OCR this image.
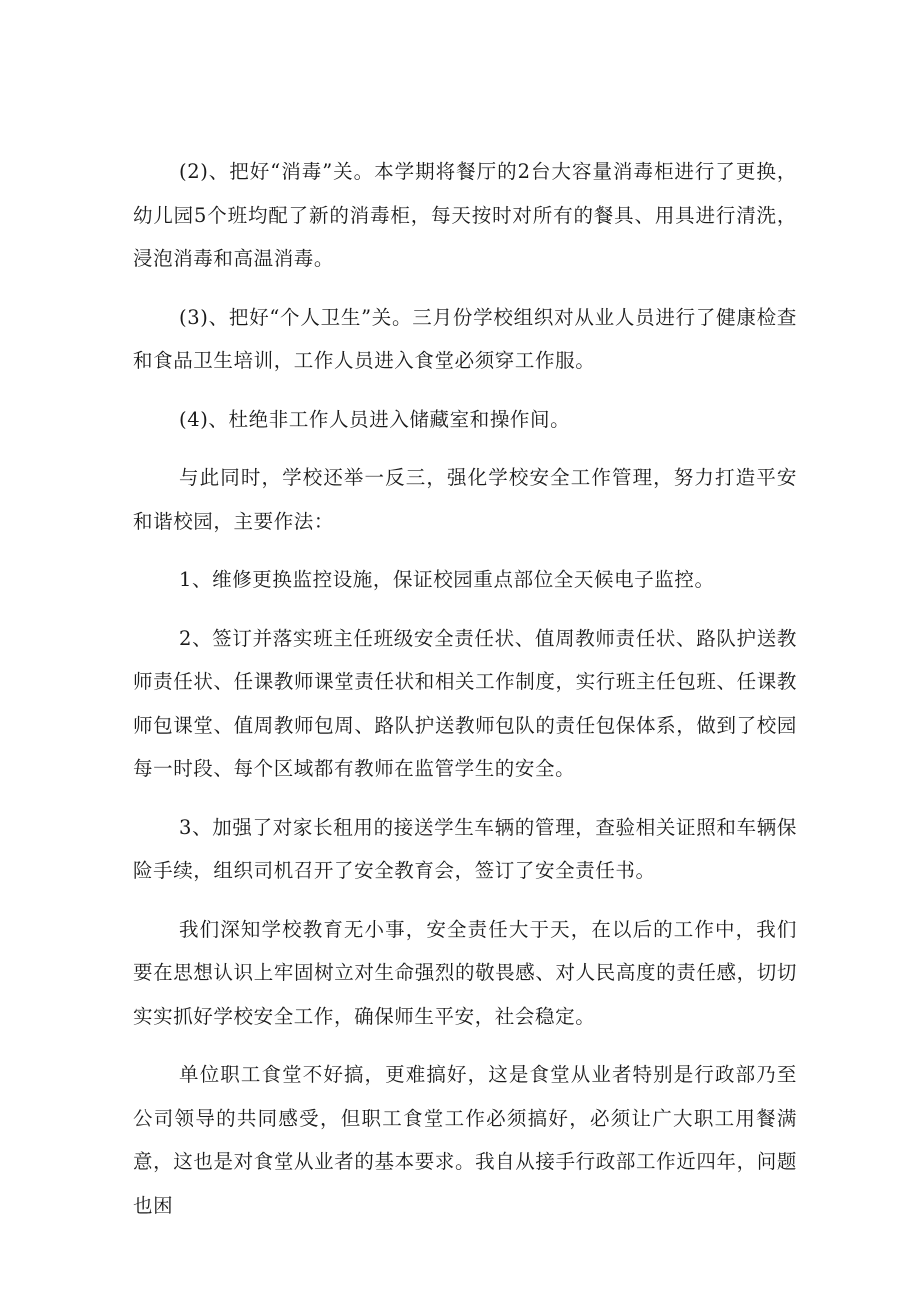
(2)、把好“消毒”关。本学期将餐厅的2台大容量消毒柜进行了更换，幼儿园5个班均配了新的消毒柜，每天按时对所有的餐具、用具进行清洗，浸泡消毒和高温消毒。

(3)、把好“个人卫生”关。三月份学校组织对从业人员进行了健康检查和食品卫生培训，工作人员进入食堂必须穿工作服。

(4)、杜绝非工作人员进入储藏室和操作间。

与此同时，学校还举一反三，强化学校安全工作管理，努力打造平安和谐校园，主要作法：

1、维修更换监控设施，保证校园重点部位全天候电子监控。

2、签订并落实班主任班级安全责任状、值周教师责任状、路队护送教师责任状、任课教师课堂责任状和相关工作制度，实行班主任包班、任课教师包课堂、值周教师包周、路队护送教师包队的责任包保体系，做到了校园每一时段、每个区域都有教师在监管学生的安全。

3、加强了对家长租用的接送学生车辆的管理，查验相关证照和车辆保险手续，组织司机召开了安全教育会，签订了安全责任书。

我们深知学校教育无小事，安全责任大于天，在以后的工作中，我们要在思想认识上牢固树立对生命强烈的敬畏感、对人民高度的责任感，切切实实抓好学校安全工作，确保师生平安，社会稳定。

单位职工食堂不好搞，更难搞好，这是食堂从业者特别是行政部乃至公司领导的共同感受，但职工食堂工作必须搞好，必须让广大职工用餐满意，这也是对食堂从业者的基本要求。我自从接手行政部工作近四年，问题也困
